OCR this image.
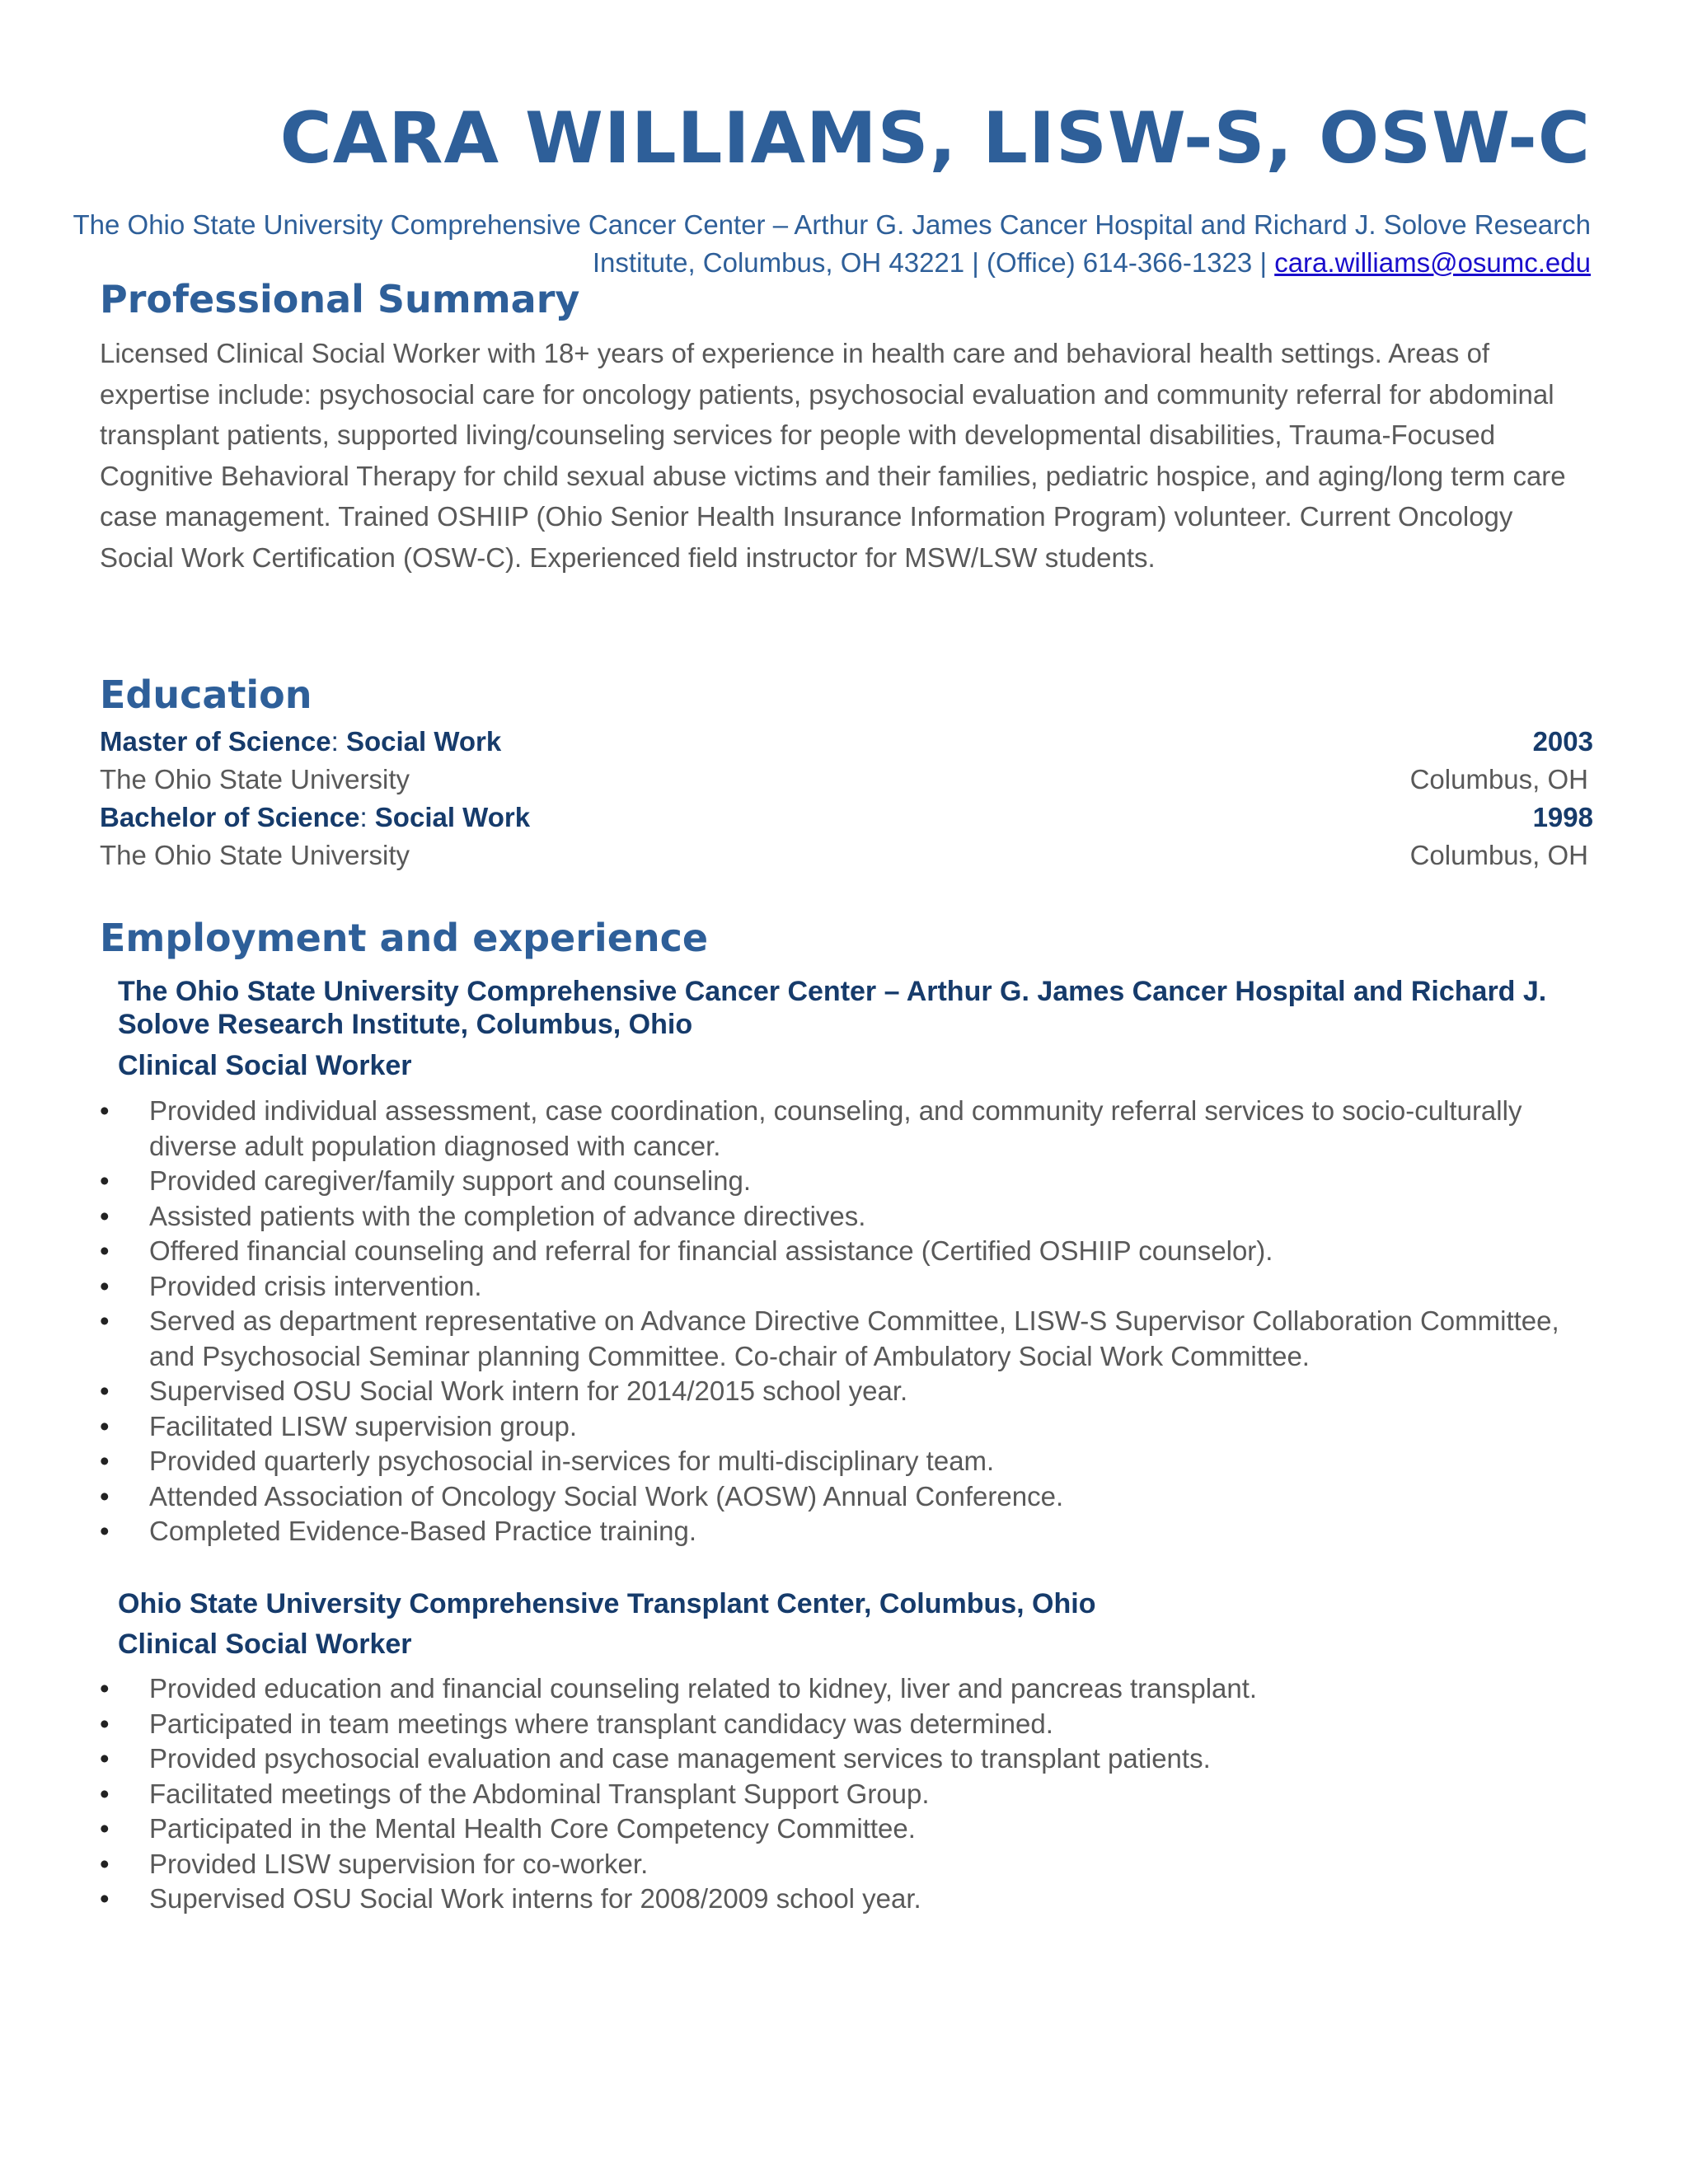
CARA WILLIAMS, LISW-S, OSW-C
The Ohio State University Comprehensive Cancer Center – Arthur G. James Cancer Hospital and Richard J. Solove Research Institute, Columbus, OH 43221 | (Office) 614-366-1323 | cara.williams@osumc.edu
Professional Summary
Licensed Clinical Social Worker with 18+ years of experience in health care and behavioral health settings. Areas of expertise include: psychosocial care for oncology patients, psychosocial evaluation and community referral for abdominal transplant patients, supported living/counseling services for people with developmental disabilities, Trauma-Focused Cognitive Behavioral Therapy for child sexual abuse victims and their families, pediatric hospice, and aging/long term care case management. Trained OSHIIP (Ohio Senior Health Insurance Information Program) volunteer. Current Oncology Social Work Certification (OSW-C). Experienced field instructor for MSW/LSW students.
Education
Master of Science: Social Work	2003
The Ohio State University	Columbus, OH
Bachelor of Science: Social Work	1998
The Ohio State University	Columbus, OH
Employment and experience
The Ohio State University Comprehensive Cancer Center – Arthur G. James Cancer Hospital and Richard J. Solove Research Institute, Columbus, Ohio
Clinical Social Worker
• Provided individual assessment, case coordination, counseling, and community referral services to socio-culturally diverse adult population diagnosed with cancer.
• Provided caregiver/family support and counseling.
• Assisted patients with the completion of advance directives.
• Offered financial counseling and referral for financial assistance (Certified OSHIIP counselor).
• Provided crisis intervention.
• Served as department representative on Advance Directive Committee, LISW-S Supervisor Collaboration Committee, and Psychosocial Seminar planning Committee. Co-chair of Ambulatory Social Work Committee.
• Supervised OSU Social Work intern for 2014/2015 school year.
• Facilitated LISW supervision group.
• Provided quarterly psychosocial in-services for multi-disciplinary team.
• Attended Association of Oncology Social Work (AOSW) Annual Conference.
• Completed Evidence-Based Practice training.
Ohio State University Comprehensive Transplant Center, Columbus, Ohio
Clinical Social Worker
• Provided education and financial counseling related to kidney, liver and pancreas transplant.
• Participated in team meetings where transplant candidacy was determined.
• Provided psychosocial evaluation and case management services to transplant patients.
• Facilitated meetings of the Abdominal Transplant Support Group.
• Participated in the Mental Health Core Competency Committee.
• Provided LISW supervision for co-worker.
• Supervised OSU Social Work interns for 2008/2009 school year.
